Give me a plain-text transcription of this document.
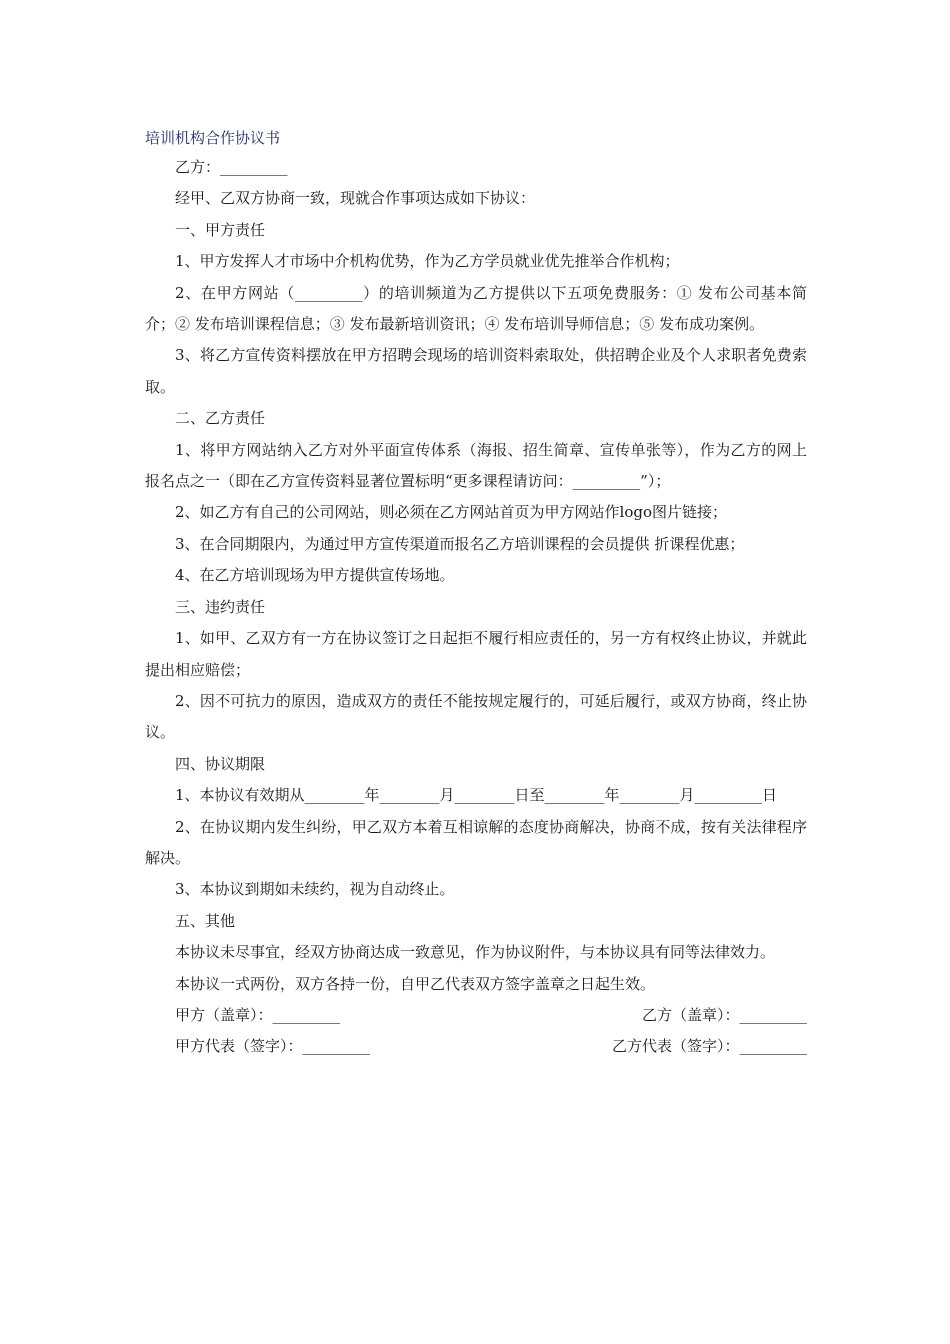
培训机构合作协议书

乙方：_________

经甲、乙双方协商一致，现就合作事项达成如下协议：

一、甲方责任

1、甲方发挥人才市场中介机构优势，作为乙方学员就业优先推举合作机构；

2、在甲方网站（_________）的培训频道为乙方提供以下五项免费服务：① 发布公司基本简介；② 发布培训课程信息；③ 发布最新培训资讯；④ 发布培训导师信息；⑤ 发布成功案例。

3、将乙方宣传资料摆放在甲方招聘会现场的培训资料索取处，供招聘企业及个人求职者免费索取。

二、乙方责任

1、将甲方网站纳入乙方对外平面宣传体系（海报、招生简章、宣传单张等），作为乙方的网上报名点之一（即在乙方宣传资料显著位置标明“更多课程请访问：_________”）；

2、如乙方有自己的公司网站，则必须在乙方网站首页为甲方网站作logo图片链接；

3、在合同期限内，为通过甲方宣传渠道而报名乙方培训课程的会员提供 折课程优惠；

4、在乙方培训现场为甲方提供宣传场地。

三、违约责任

1、如甲、乙双方有一方在协议签订之日起拒不履行相应责任的，另一方有权终止协议，并就此提出相应赔偿；

2、因不可抗力的原因，造成双方的责任不能按规定履行的，可延后履行，或双方协商，终止协议。

四、协议期限

1、本协议有效期从________年________月________日至________年________月_________日

2、在协议期内发生纠纷，甲乙双方本着互相谅解的态度协商解决，协商不成，按有关法律程序解决。

3、本协议到期如未续约，视为自动终止。

五、其他

本协议未尽事宜，经双方协商达成一致意见，作为协议附件，与本协议具有同等法律效力。

本协议一式两份，双方各持一份，自甲乙代表双方签字盖章之日起生效。

甲方（盖章）：_________	乙方（盖章）：_________
甲方代表（签字）：_________	乙方代表（签字）：_________
